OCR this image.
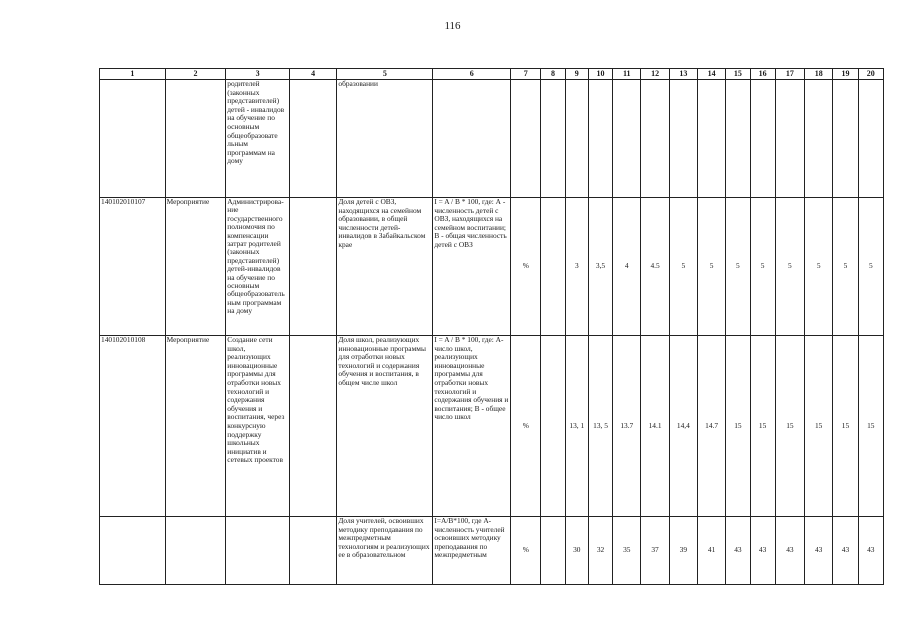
116
1	2	3	4	5	6	7	8	9	10	11	12	13	14	15	16	17	18	19	20
		родителей (законных представителей) детей - инвалидов на обучение по основным общеобразовате льным программам на дому		образовании															
140102010107	Мероприятие	Администрирова- ние государственного полномочия по компенсации затрат родителей (законных представителей) детей-инвалидов на обучение по основным общеобразователь ным программам на дому		Доля детей с ОВЗ, находящихся на семейном образовании, в общей численности детей-инвалидов в Забайкальском крае	I = A / B * 100, где: А - численность детей с ОВЗ, находящихся на семейном воспитании; В - общая численность детей с ОВЗ	%		3	3,5	4	4.5	5	5	5	5	5	5	5	5
140102010108	Мероприятие	Создание сети школ, реализующих инновационные программы для отработки новых технологий и содержания обучения и воспитания, через конкурсную поддержку школьных инициатив и сетевых проектов		Доля школ, реализующих инновационные программы для отработки новых технологий и содержания обучения и воспитания, в общем числе школ	I = A / B * 100, где: А- число школ, реализующих инновационные программы для отработки новых технологий и содержания обучения и воспитания; В - общее число школ	%		13, 1	13, 5	13.7	14.1	14,4	14.7	15	15	15	15	15	15
				Доля учителей, освоивших методику преподавания по межпредметным технологиям и реализующих ее в образовательном	I=A/B*100, где А- численность учителей освоивших методику преподавания по межпредметным	%		30	32	35	37	39	41	43	43	43	43	43	43
